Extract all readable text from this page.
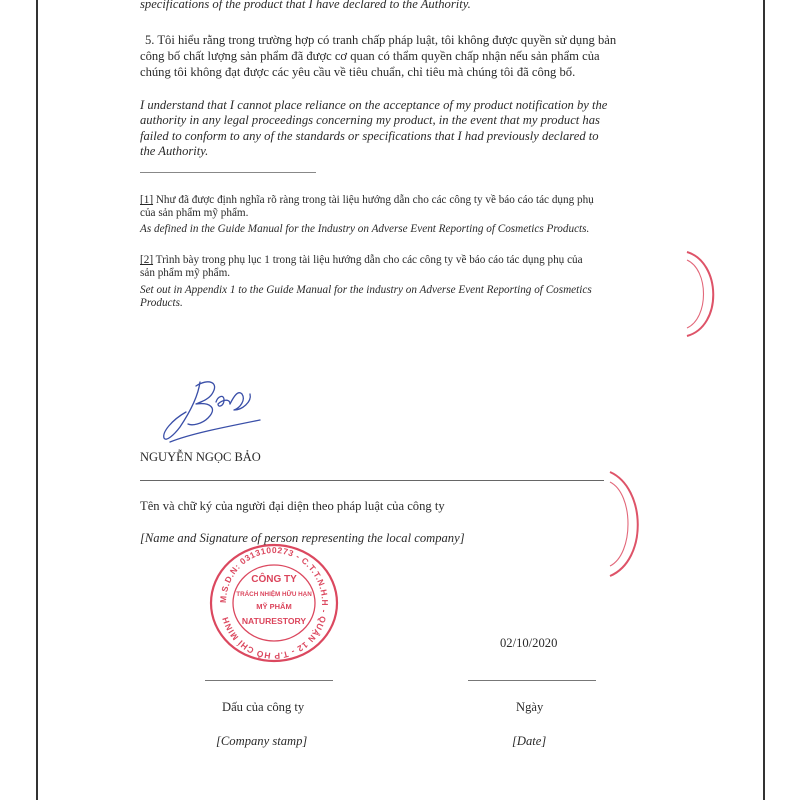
specifications of the product that I have declared to the Authority.
5. Tôi hiểu rằng trong trường hợp có tranh chấp pháp luật, tôi không được quyền sử dụng bản
công bố chất lượng sản phẩm đã được cơ quan có thẩm quyền chấp nhận nếu sản phẩm của
chúng tôi không đạt được các yêu cầu về tiêu chuẩn, chỉ tiêu mà chúng tôi đã công bố.
I understand that I cannot place reliance on the acceptance of my product notification by the
authority in any legal proceedings concerning my product, in the event that my product has
failed to conform to any of the standards or specifications that I had previously declared to
the Authority.
[1] Như đã được định nghĩa rõ ràng trong tài liệu hướng dẫn cho các công ty về báo cáo tác dụng phụ
của sản phẩm mỹ phẩm.
As defined in the Guide Manual for the Industry on Adverse Event Reporting of Cosmetics Products.
[2] Trình bày trong phụ lục 1 trong tài liệu hướng dẫn cho các công ty về báo cáo tác dụng phụ của
sản phẩm mỹ phẩm.
Set out in Appendix 1 to the Guide Manual for the industry on Adverse Event Reporting of Cosmetics
Products.
NGUYỄN NGỌC BẢO
Tên và chữ ký của người đại diện theo pháp luật của công ty
[Name and Signature of person representing the local company]
M.S.D.N: 0313100273 - C.T.T.N.H.H - QUẬN 12 - T.P HỒ CHÍ MINH
CÔNG TY
TRÁCH NHIỆM HỮU HẠN
MỸ PHẨM
NATURESTORY
02/10/2020
Dấu của công ty	Ngày
[Company stamp]	[Date]
